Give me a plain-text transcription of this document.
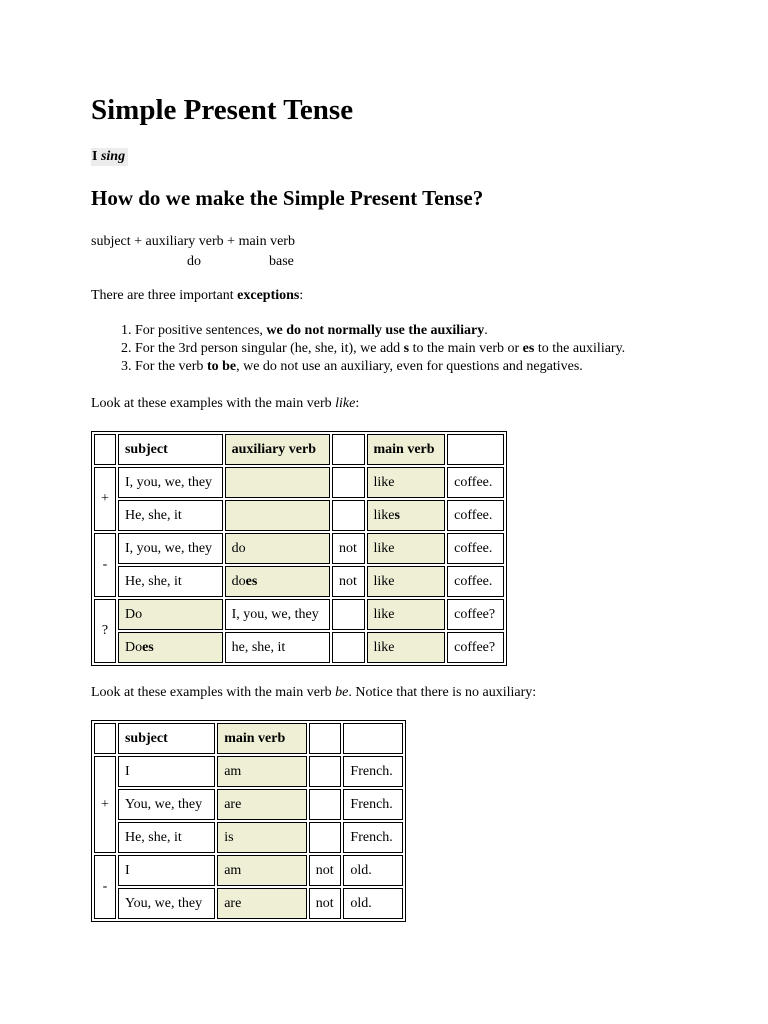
Simple Present Tense
I sing
How do we make the Simple Present Tense?
subject + auxiliary verb + main verb
do	base
There are three important exceptions:
1. For positive sentences, we do not normally use the auxiliary.
2. For the 3rd person singular (he, she, it), we add s to the main verb or es to the auxiliary.
3. For the verb to be, we do not use an auxiliary, even for questions and negatives.
Look at these examples with the main verb like:
	subject	auxiliary verb		main verb	
+	I, you, we, they			like	coffee.
	He, she, it			likes	coffee.
-	I, you, we, they	do	not	like	coffee.
	He, she, it	does	not	like	coffee.
?	Do	I, you, we, they		like	coffee?
	Does	he, she, it		like	coffee?
Look at these examples with the main verb be. Notice that there is no auxiliary:
	subject	main verb		
+	I	am		French.
	You, we, they	are		French.
	He, she, it	is		French.
-	I	am	not	old.
	You, we, they	are	not	old.
